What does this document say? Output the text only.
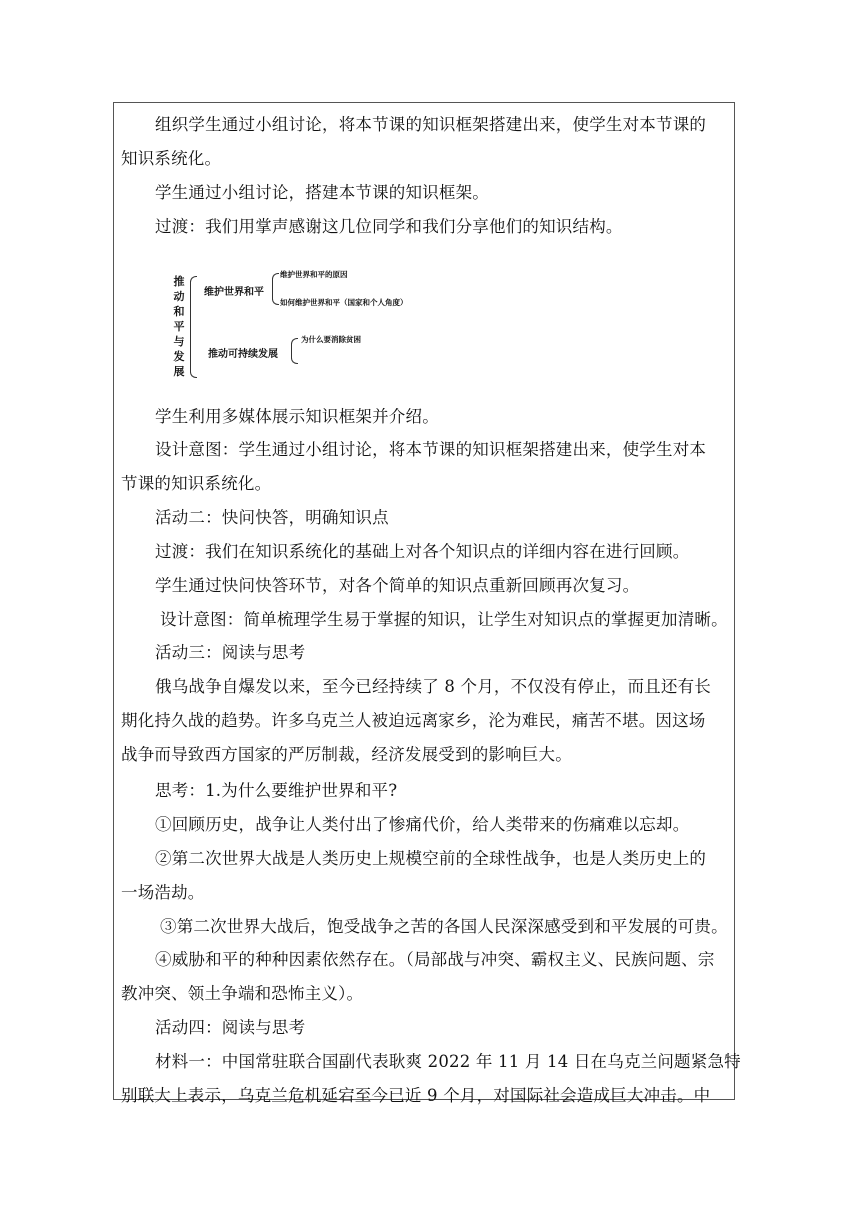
组织学生通过小组讨论，将本节课的知识框架搭建出来，使学生对本节课的
知识系统化。
学生通过小组讨论，搭建本节课的知识框架。
过渡：我们用掌声感谢这几位同学和我们分享他们的知识结构。
学生利用多媒体展示知识框架并介绍。
设计意图：学生通过小组讨论，将本节课的知识框架搭建出来，使学生对本
节课的知识系统化。
活动二：快问快答，明确知识点
过渡：我们在知识系统化的基础上对各个知识点的详细内容在进行回顾。
学生通过快问快答环节，对各个简单的知识点重新回顾再次复习。
设计意图：简单梳理学生易于掌握的知识，让学生对知识点的掌握更加清晰。
活动三：阅读与思考
俄乌战争自爆发以来，至今已经持续了 8 个月，不仅没有停止，而且还有长
期化持久战的趋势。许多乌克兰人被迫远离家乡，沦为难民，痛苦不堪。因这场
战争而导致西方国家的严厉制裁，经济发展受到的影响巨大。
思考：1.为什么要维护世界和平?
①回顾历史，战争让人类付出了惨痛代价，给人类带来的伤痛难以忘却。
②第二次世界大战是人类历史上规模空前的全球性战争，也是人类历史上的
一场浩劫。
③第二次世界大战后，饱受战争之苦的各国人民深深感受到和平发展的可贵。
④威胁和平的种种因素依然存在。（局部战与冲突、霸权主义、民族问题、宗
教冲突、领土争端和恐怖主义）。
活动四：阅读与思考
材料一：中国常驻联合国副代表耿爽 2022 年 11 月 14 日在乌克兰问题紧急特
别联大上表示，乌克兰危机延宕至今已近 9 个月，对国际社会造成巨大冲击。中
推
动
和
平
与
发
展
维护世界和平
维护世界和平的原因
如何维护世界和平（国家和个人角度）
推动可持续发展
为什么要消除贫困
